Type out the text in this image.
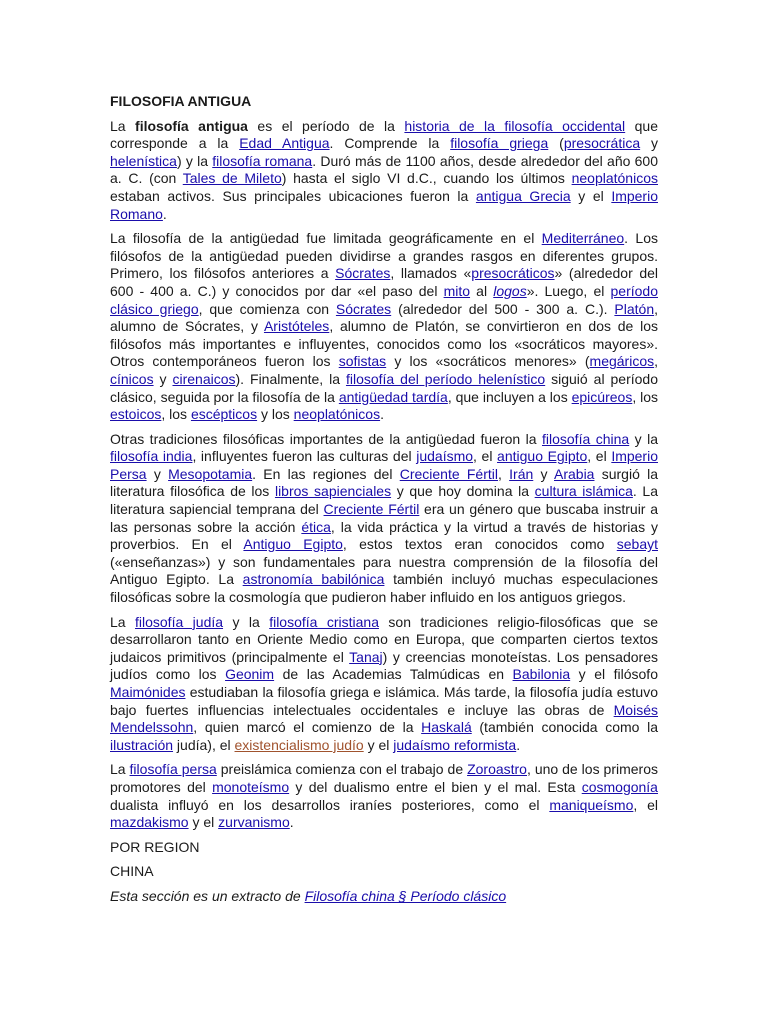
FILOSOFIA ANTIGUA

La filosofía antigua es el período de la historia de la filosofía occidental que corresponde a la Edad Antigua. Comprende la filosofía griega (presocrática y helenística) y la filosofía romana. Duró más de 1100 años, desde alrededor del año 600 a. C. (con Tales de Mileto) hasta el siglo VI d.C., cuando los últimos neoplatónicos estaban activos. Sus principales ubicaciones fueron la antigua Grecia y el Imperio Romano.

La filosofía de la antigüedad fue limitada geográficamente en el Mediterráneo. Los filósofos de la antigüedad pueden dividirse a grandes rasgos en diferentes grupos. Primero, los filósofos anteriores a Sócrates, llamados «presocráticos» (alrededor del 600 - 400 a. C.) y conocidos por dar «el paso del mito al logos». Luego, el período clásico griego, que comienza con Sócrates (alrededor del 500 - 300 a. C.). Platón, alumno de Sócrates, y Aristóteles, alumno de Platón, se convirtieron en dos de los filósofos más importantes e influyentes, conocidos como los «socráticos mayores». Otros contemporáneos fueron los sofistas y los «socráticos menores» (megáricos, cínicos y cirenaicos). Finalmente, la filosofía del período helenístico siguió al período clásico, seguida por la filosofía de la antigüedad tardía, que incluyen a los epicúreos, los estoicos, los escépticos y los neoplatónicos.

Otras tradiciones filosóficas importantes de la antigüedad fueron la filosofía china y la filosofía india, influyentes fueron las culturas del judaísmo, el antiguo Egipto, el Imperio Persa y Mesopotamia. En las regiones del Creciente Fértil, Irán y Arabia surgió la literatura filosófica de los libros sapienciales y que hoy domina la cultura islámica. La literatura sapiencial temprana del Creciente Fértil era un género que buscaba instruir a las personas sobre la acción ética, la vida práctica y la virtud a través de historias y proverbios. En el Antiguo Egipto, estos textos eran conocidos como sebayt («enseñanzas») y son fundamentales para nuestra comprensión de la filosofía del Antiguo Egipto. La astronomía babilónica también incluyó muchas especulaciones filosóficas sobre la cosmología que pudieron haber influido en los antiguos griegos.

La filosofía judía y la filosofía cristiana son tradiciones religio-filosóficas que se desarrollaron tanto en Oriente Medio como en Europa, que comparten ciertos textos judaicos primitivos (principalmente el Tanaj) y creencias monoteístas. Los pensadores judíos como los Geonim de las Academias Talmúdicas en Babilonia y el filósofo Maimónides estudiaban la filosofía griega e islámica. Más tarde, la filosofía judía estuvo bajo fuertes influencias intelectuales occidentales e incluye las obras de Moisés Mendelssohn, quien marcó el comienzo de la Haskalá (también conocida como la ilustración judía), el existencialismo judío y el judaísmo reformista.

La filosofía persa preislámica comienza con el trabajo de Zoroastro, uno de los primeros promotores del monoteísmo y del dualismo entre el bien y el mal. Esta cosmogonía dualista influyó en los desarrollos iraníes posteriores, como el maniqueísmo, el mazdakismo y el zurvanismo.

POR REGION
CHINA
Esta sección es un extracto de Filosofía china § Período clásico
